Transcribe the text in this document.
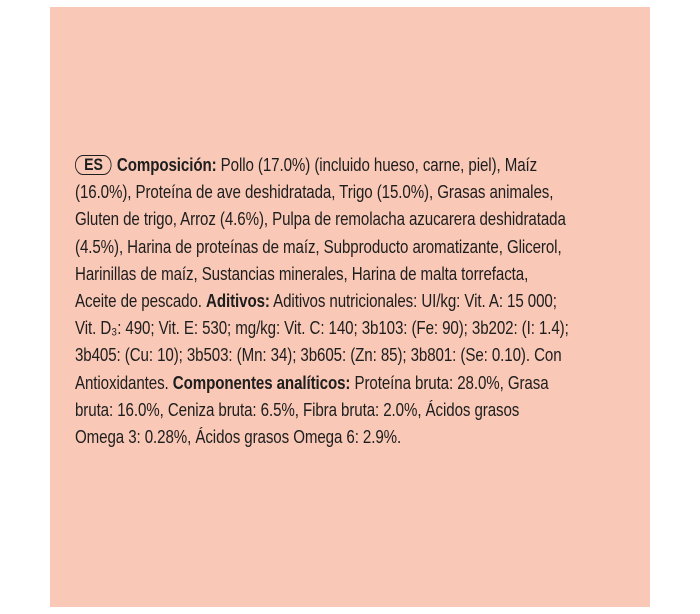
ES Composición: Pollo (17.0%) (incluido hueso, carne, piel), Maíz
(16.0%), Proteína de ave deshidratada, Trigo (15.0%), Grasas animales,
Gluten de trigo, Arroz (4.6%), Pulpa de remolacha azucarera deshidratada
(4.5%), Harina de proteínas de maíz, Subproducto aromatizante, Glicerol,
Harinillas de maíz, Sustancias minerales, Harina de malta torrefacta,
Aceite de pescado. Aditivos: Aditivos nutricionales: UI/kg: Vit. A: 15 000;
Vit. D₃: 490; Vit. E: 530; mg/kg: Vit. C: 140; 3b103: (Fe: 90); 3b202: (I: 1.4);
3b405: (Cu: 10); 3b503: (Mn: 34); 3b605: (Zn: 85); 3b801: (Se: 0.10). Con
Antioxidantes. Componentes analíticos: Proteína bruta: 28.0%, Grasa
bruta: 16.0%, Ceniza bruta: 6.5%, Fibra bruta: 2.0%, Ácidos grasos
Omega 3: 0.28%, Ácidos grasos Omega 6: 2.9%.
